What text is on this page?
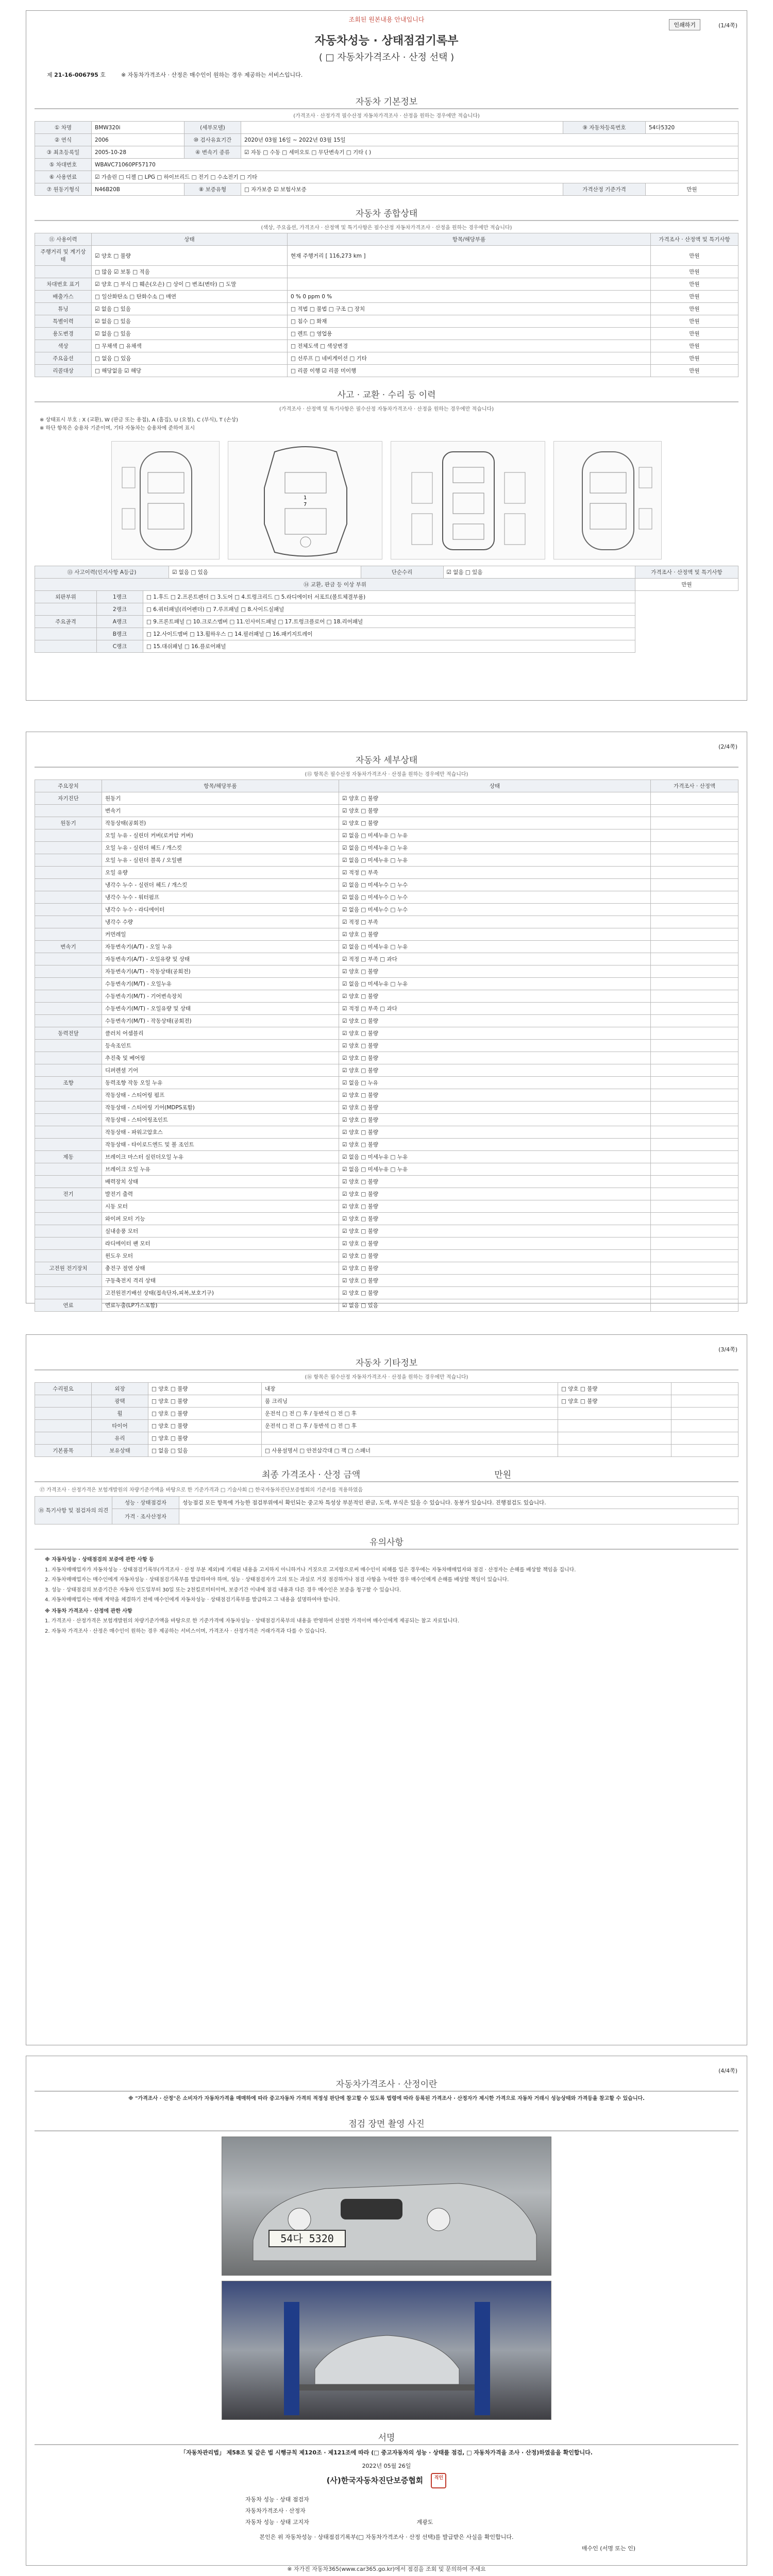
조회된 원본내용 안내입니다
인쇄하기	(1/4쪽)
자동차성능 · 상태점검기록부
( □ 자동차가격조사 · 산정 선택 )
제 21-16-006795 호	※ 자동차가격조사 · 산정은 매수인이 원하는 경우 제공하는 서비스입니다.
자동차 기본정보
(가격조사 · 산정가격 필수산정 자동차가격조사 · 산정을 원하는 경우에만 적습니다)
① 차명	BMW320i	(세부모델)		⑨ 자동차등록번호	54다5320
② 연식	2006	⑩ 검사유효기간	2020년 03월 16일 ~ 2022년 03월 15일		
③ 최초등록일	2005-10-28	④ 변속기 종류	☑ 자동 □ 수동 □ 세미오토 □ 무단변속기 □ 기타 ( )		
⑤ 차대번호	WBAVC71060PF57170				
⑥ 사용연료	☑ 가솔린 □ 디젤 □ LPG □ 하이브리드 □ 전기 □ 수소전기 □ 기타				
⑦ 원동기형식	N46B20B	⑧ 보증유형	□ 자가보증 ☑ 보험사보증	가격산정 기준가격	만원
자동차 종합상태
(색상, 주요옵션, 가격조사 · 산정액 및 특기사항은 필수산정 자동차가격조사 · 산정을 원하는 경우에만 적습니다)
⑪ 사용이력	상태	항목/해당부품	가격조사 · 산정액 및 특기사항
주행거리 및 계기상태	☑ 양호 □ 불량	현재 주행거리 [ 116,273 km ]	만원
	□ 많음 ☑ 보통 □ 적음		만원
차대번호 표기	☑ 양호 □ 부식 □ 훼손(오손) □ 상이 □ 변조(변타) □ 도말		만원
배출가스	□ 일산화탄소 □ 탄화수소 □ 매연	0 % 0 ppm 0 %	만원
튜닝	☑ 없음 □ 있음	□ 적법 □ 불법 □ 구조 □ 장치	만원
특별이력	☑ 없음 □ 있음	□ 침수 □ 화재	만원
용도변경	☑ 없음 □ 있음	□ 렌트 □ 영업용	만원
색상	□ 무채색 □ 유채색	□ 전체도색 □ 색상변경	만원
주요옵션	□ 없음 □ 있음	□ 선루프 □ 네비게이션 □ 기타	만원
리콜대상	□ 해당없음 ☑ 해당	□ 리콜 이행 ☑ 리콜 미이행	만원
사고 · 교환 · 수리 등 이력
(가격조사 · 산정액 및 특기사항은 필수산정 자동차가격조사 · 산정을 원하는 경우에만 적습니다)
※ 상태표시 부호 : X (교환), W (판금 또는 용접), A (흠집), U (요철), C (부식), T (손상)
※ 하단 항목은 승용차 기준이며, 기타 자동차는 승용차에 준하여 표시
1
7
⑬ 사고이력(인지사항 A등급)	☑ 없음 □ 있음	단순수리	☑ 없음 □ 있음	가격조사 · 산정액 및 특기사항
⑭ 교환, 판금 등 이상 부위			만원
외판부위	1랭크	□ 1.후드 □ 2.프론트펜더 □ 3.도어 □ 4.트렁크리드 □ 5.라디에이터 서포트(볼트체결부품)	
	2랭크	□ 6.쿼터패널(리어펜더) □ 7.루프패널 □ 8.사이드실패널	
주요골격	A랭크	□ 9.프론트패널 □ 10.크로스멤버 □ 11.인사이드패널 □ 17.트렁크플로어 □ 18.리어패널	
	B랭크	□ 12.사이드멤버 □ 13.휠하우스 □ 14.필러패널 □ 16.패키지트레이	
	C랭크	□ 15.대쉬패널 □ 16.플로어패널	
(2/4쪽)
자동차 세부상태
(⑮ 항목은 필수산정 자동차가격조사 · 산정을 원하는 경우에만 적습니다)
주요장치	항목/해당부품	상태	가격조사 · 산정액
자기진단	원동기	☑ 양호 □ 불량	
	변속기	☑ 양호 □ 불량	
원동기	작동상태(공회전)	☑ 양호 □ 불량	
	오일 누유 - 실린더 커버(로커암 커버)	☑ 없음 □ 미세누유 □ 누유	
	오일 누유 - 실린더 헤드 / 개스킷	☑ 없음 □ 미세누유 □ 누유	
	오일 누유 - 실린더 블록 / 오일팬	☑ 없음 □ 미세누유 □ 누유	
	오일 유량	☑ 적정 □ 부족	
	냉각수 누수 - 실린더 헤드 / 개스킷	☑ 없음 □ 미세누수 □ 누수	
	냉각수 누수 - 워터펌프	☑ 없음 □ 미세누수 □ 누수	
	냉각수 누수 - 라디에이터	☑ 없음 □ 미세누수 □ 누수	
	냉각수 수량	☑ 적정 □ 부족	
	커먼레일	☑ 양호 □ 불량	
변속기	자동변속기(A/T) - 오일 누유	☑ 없음 □ 미세누유 □ 누유	
	자동변속기(A/T) - 오일유량 및 상태	☑ 적정 □ 부족 □ 과다	
	자동변속기(A/T) - 작동상태(공회전)	☑ 양호 □ 불량	
	수동변속기(M/T) - 오일누유	☑ 없음 □ 미세누유 □ 누유	
	수동변속기(M/T) - 기어변속장치	☑ 양호 □ 불량	
	수동변속기(M/T) - 오일유량 및 상태	☑ 적정 □ 부족 □ 과다	
	수동변속기(M/T) - 작동상태(공회전)	☑ 양호 □ 불량	
동력전달	클러치 어셈블리	☑ 양호 □ 불량	
	등속조인트	☑ 양호 □ 불량	
	추진축 및 베어링	☑ 양호 □ 불량	
	디퍼렌셜 기어	☑ 양호 □ 불량	
조향	동력조향 작동 오일 누유	☑ 없음 □ 누유	
	작동상태 - 스티어링 펌프	☑ 양호 □ 불량	
	작동상태 - 스티어링 기어(MDPS포함)	☑ 양호 □ 불량	
	작동상태 - 스티어링조인트	☑ 양호 □ 불량	
	작동상태 - 파워고압호스	☑ 양호 □ 불량	
	작동상태 - 타이로드엔드 및 볼 조인트	☑ 양호 □ 불량	
제동	브레이크 마스터 실린더오일 누유	☑ 없음 □ 미세누유 □ 누유	
	브레이크 오일 누유	☑ 없음 □ 미세누유 □ 누유	
	배력장치 상태	☑ 양호 □ 불량	
전기	발전기 출력	☑ 양호 □ 불량	
	시동 모터	☑ 양호 □ 불량	
	와이퍼 모터 기능	☑ 양호 □ 불량	
	실내송풍 모터	☑ 양호 □ 불량	
	라디에이터 팬 모터	☑ 양호 □ 불량	
	윈도우 모터	☑ 양호 □ 불량	
고전원 전기장치	충전구 절연 상태	☑ 양호 □ 불량	
	구동축전지 격리 상태	☑ 양호 □ 불량	
	고전원전기배선 상태(접속단자,피복,보호기구)	☑ 양호 □ 불량	
연료	연료누출(LP가스포함)	☑ 없음 □ 있음	
(3/4쪽)
자동차 기타정보
(⑯ 항목은 필수산정 자동차가격조사 · 산정을 원하는 경우에만 적습니다)
수리필요	외장	□ 양호 □ 불량	내장	□ 양호 □ 불량	
	광택	□ 양호 □ 불량	룸 크리닝	□ 양호 □ 불량	
	휠	□ 양호 □ 불량	운전석 □ 전 □ 후 / 동반석 □ 전 □ 후		
	타이어	□ 양호 □ 불량	운전석 □ 전 □ 후 / 동반석 □ 전 □ 후		
	유리	□ 양호 □ 불량			
기본품목	보유상태	□ 없음 □ 있음	□ 사용설명서 □ 안전삼각대 □ 잭 □ 스패너		
최종 가격조사 · 산정 금액	만원
⑰ 가격조사 · 산정가격은 보험개발원의 차량기준가액을 바탕으로 한 기준가격과 □ 기술사회 □ 한국자동차진단보증협회의 기준서를 적용하였음
⑱ 특기사항 및 점검자의 의견	성능 · 상태점검자	성능점검 모든 항목에 가능한 점검부위에서 확인되는 중고차 특성상 부분적인 판금, 도색, 부식은 있을 수 있습니다. 동봉가 있습니다. 진행점검도 있습니다.
	가격 · 조사산정자	
유의사항

※ 자동차성능 · 상태점검의 보증에 관한 사항 등

1. 자동차매매업자가 자동차성능 · 상태점검기록부(가격조사 · 산정 부분 제외)에 기재된 내용을 고지하지 아니하거나 거짓으로 고지함으로써 매수인이 피해를 입은 경우에는 자동차매매업자와 점검 · 산정자는 손해를 배상할 책임을 집니다.

2. 자동차매매업자는 매수인에게 자동차성능 · 상태점검기록부를 발급하여야 하며, 성능 · 상태점검자가 고의 또는 과실로 거짓 점검하거나 점검 사항을 누락한 경우 매수인에게 손해를 배상할 책임이 있습니다.

3. 성능 · 상태점검의 보증기간은 자동차 인도일부터 30일 또는 2천킬로미터이며, 보증기간 이내에 점검 내용과 다른 경우 매수인은 보증을 청구할 수 있습니다.

4. 자동차매매업자는 매매 계약을 체결하기 전에 매수인에게 자동차성능 · 상태점검기록부를 발급하고 그 내용을 설명하여야 합니다.

※ 자동차 가격조사 · 산정에 관한 사항

1. 가격조사 · 산정가격은 보험개발원의 차량기준가액을 바탕으로 한 기준가격에 자동차성능 · 상태점검기록부의 내용을 반영하여 산정한 가격이며 매수인에게 제공되는 참고 자료입니다.

2. 자동차 가격조사 · 산정은 매수인이 원하는 경우 제공하는 서비스이며, 가격조사 · 산정가격은 거래가격과 다를 수 있습니다.

(4/4쪽)
자동차가격조사 · 산정이란
※ "가격조사 · 산정"은 소비자가 자동차가격을 매매하에 따라 중고자동차 가격의 적정성 판단에 참고할 수 있도록 법령에 따라 등록된 가격조사 · 산정자가 제시한 가격으로 자동차 거래시 성능상태와 가격등을 참고할 수 있습니다.
점검 장면 촬영 사진
54다 5320
서명
「자동차관리법」 제58조 및 같은 법 시행규칙 제120조 · 제121조에 따라 (□ 중고자동차의 성능 · 상태를 점검, □ 자동차가격을 조사 · 산정)하였음을 확인합니다.
2022년 05월 26일
(사)한국자동차진단보증협회 직인
자동차 성능 · 상태 점검자		
자동차가격조사 · 산정자		
자동차 성능 · 상태 고지자	계광도	
본인은 위 자동차성능 · 상태점검기록부(□ 자동차가격조사 · 산정 선택)를 발급받은 사실을 확인합니다.
매수인 (서명 또는 인)
※ 자가진 자동차365(www.car365.go.kr)에서 점검을 조회 및 문의하여 주세요
